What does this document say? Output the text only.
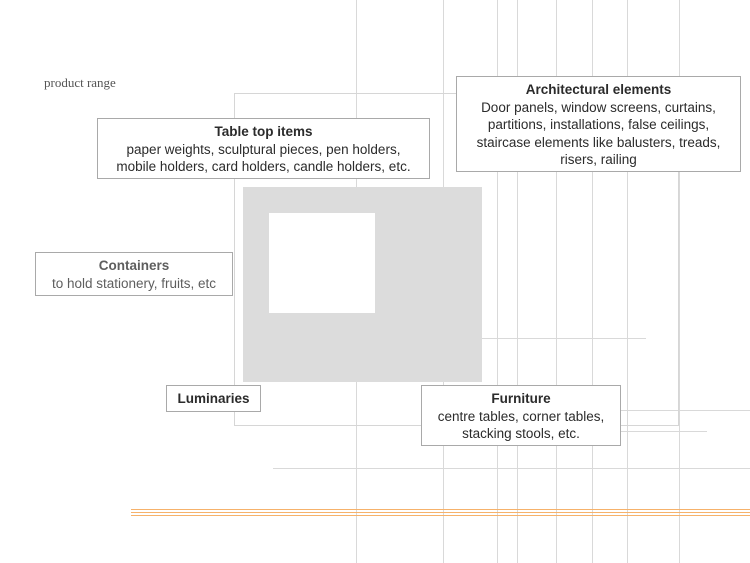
product range	Architectural elements
Door panels, window screens, curtains,
partitions, installations, false ceilings,
staircase elements like balusters, treads,
risers, railing
Table top items
paper weights, sculptural pieces, pen holders,
mobile holders, card holders, candle holders, etc.
Containers
to hold stationery, fruits, etc
Luminaries	Furniture
centre tables, corner tables,
stacking stools, etc.
